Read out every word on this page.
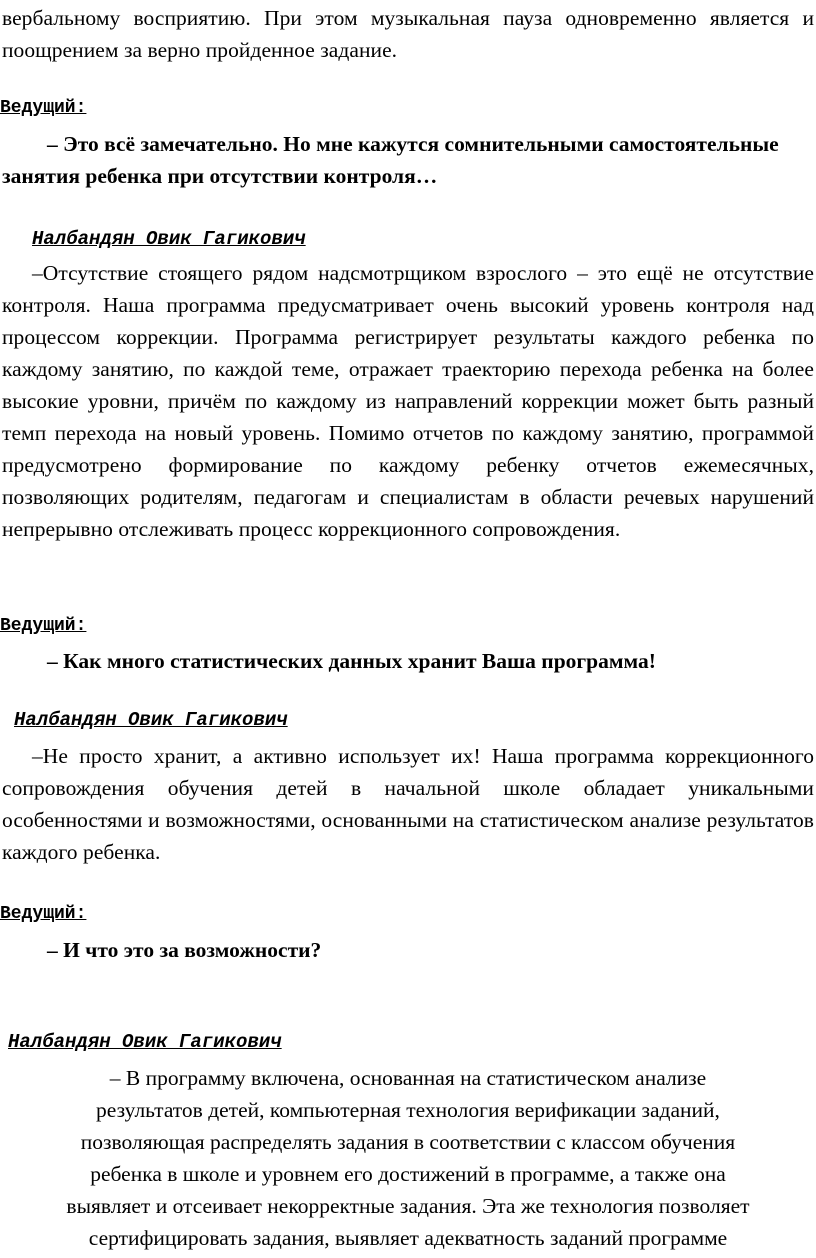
вербальному восприятию. При этом музыкальная пауза одновременно является и поощрением за верно пройденное задание.

Ведущий:

– Это всё замечательно. Но мне кажутся сомнительными самостоятельные занятия ребенка при отсутствии контроля…

Налбандян Овик Гагикович

–Отсутствие стоящего рядом надсмотрщиком взрослого – это ещё не отсутствие контроля. Наша программа предусматривает очень высокий уровень контроля над процессом коррекции. Программа регистрирует результаты каждого ребенка по каждому занятию, по каждой теме, отражает траекторию перехода ребенка на более высокие уровни, причём по каждому из направлений коррекции может быть разный темп перехода на новый уровень. Помимо отчетов по каждому занятию, программой предусмотрено формирование по каждому ребенку отчетов ежемесячных, позволяющих родителям, педагогам и специалистам в области речевых нарушений непрерывно отслеживать процесс коррекционного сопровождения.

Ведущий:

– Как много статистических данных хранит Ваша программа!

Налбандян Овик Гагикович

–Не просто хранит, а активно использует их! Наша программа коррекционного сопровождения обучения детей в начальной школе обладает уникальными особенностями и возможностями, основанными на статистическом анализе результатов каждого ребенка.

Ведущий:

– И что это за возможности?

Налбандян Овик Гагикович

– В программу включена, основанная на статистическом анализе

результатов детей, компьютерная технология верификации заданий,

позволяющая распределять задания в соответствии с классом обучения

ребенка в школе и уровнем его достижений в программе, а также она

выявляет и отсеивает некорректные задания. Эта же технология позволяет

сертифицировать задания, выявляет адекватность заданий программе
